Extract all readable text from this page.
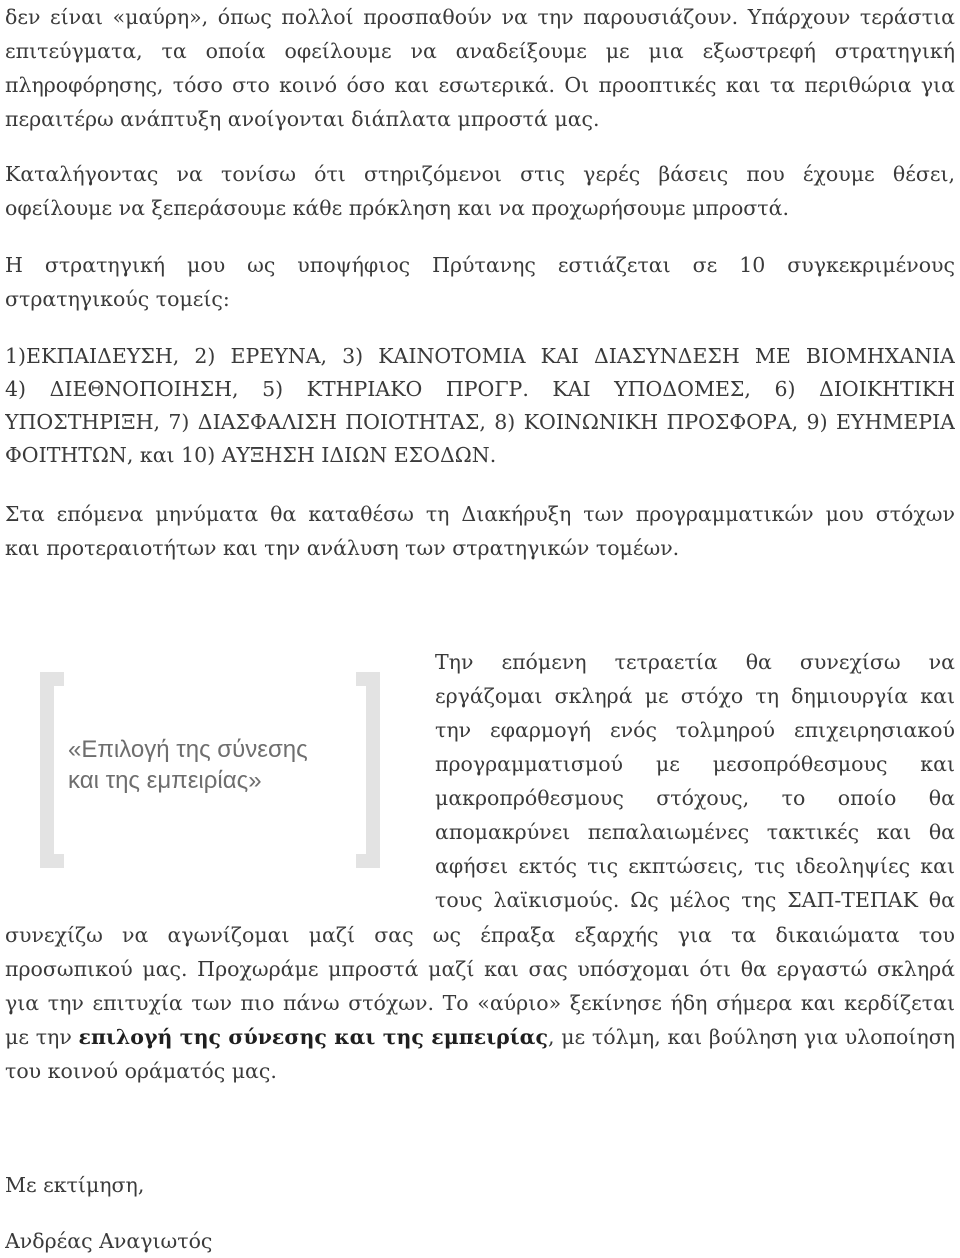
δεν είναι «μαύρη», όπως πολλοί προσπαθούν να την παρουσιάζουν. Υπάρχουν τεράστια
επιτεύγματα, τα οποία οφείλουμε να αναδείξουμε με μια εξωστρεφή στρατηγική
πληροφόρησης, τόσο στο κοινό όσο και εσωτερικά. Οι προοπτικές και τα περιθώρια για
περαιτέρω ανάπτυξη ανοίγονται διάπλατα μπροστά μας.
Καταλήγοντας να τονίσω ότι στηριζόμενοι στις γερές βάσεις που έχουμε θέσει,
οφείλουμε να ξεπεράσουμε κάθε πρόκληση και να προχωρήσουμε μπροστά.
Η στρατηγική μου ως υποψήφιος Πρύτανης εστιάζεται σε 10 συγκεκριμένους
στρατηγικούς τομείς:
1)ΕΚΠΑΙΔΕΥΣΗ, 2) ΕΡΕΥΝΑ, 3) ΚΑΙΝΟΤΟΜΙΑ ΚΑΙ ΔΙΑΣΥΝΔΕΣΗ ΜΕ ΒΙΟΜΗΧΑΝΙΑ
4) ΔΙΕΘΝΟΠΟΙΗΣΗ, 5) ΚΤΗΡΙΑΚΟ ΠΡΟΓΡ. ΚΑΙ ΥΠΟΔΟΜΕΣ, 6) ΔΙΟΙΚΗΤΙΚΗ
ΥΠΟΣΤΗΡΙΞΗ, 7) ΔΙΑΣΦΑΛΙΣΗ ΠΟΙΟΤΗΤΑΣ, 8) ΚΟΙΝΩΝΙΚΗ ΠΡΟΣΦΟΡΑ, 9) ΕΥΗΜΕΡΙΑ
ΦΟΙΤΗΤΩΝ, και 10) ΑΥΞΗΣΗ ΙΔΙΩΝ ΕΣΟΔΩΝ.
Στα επόμενα μηνύματα θα καταθέσω τη Διακήρυξη των προγραμματικών μου στόχων
και προτεραιοτήτων και την ανάλυση των στρατηγικών τομέων.
Την επόμενη τετραετία θα συνεχίσω να
εργάζομαι σκληρά με στόχο τη δημιουργία και
την εφαρμογή ενός τολμηρού επιχειρησιακού
προγραμματισμού με μεσοπρόθεσμους και
μακροπρόθεσμους στόχους, το οποίο θα
απομακρύνει πεπαλαιωμένες τακτικές και θα
αφήσει εκτός τις εκπτώσεις, τις ιδεοληψίες και
τους λαϊκισμούς. Ως μέλος της ΣΑΠ-ΤΕΠΑΚ θα
συνεχίζω να αγωνίζομαι μαζί σας ως έπραξα εξαρχής για τα δικαιώματα του
προσωπικού μας. Προχωράμε μπροστά μαζί και σας υπόσχομαι ότι θα εργαστώ σκληρά
για την επιτυχία των πιο πάνω στόχων. Το «αύριο» ξεκίνησε ήδη σήμερα και κερδίζεται
με την επιλογή της σύνεσης και της εμπειρίας, με τόλμη, και βούληση για υλοποίηση
του κοινού οράματός μας.
Με εκτίμηση,
Ανδρέας Αναγιωτός
«Επιλογή της σύνεσης
και της εμπειρίας»
